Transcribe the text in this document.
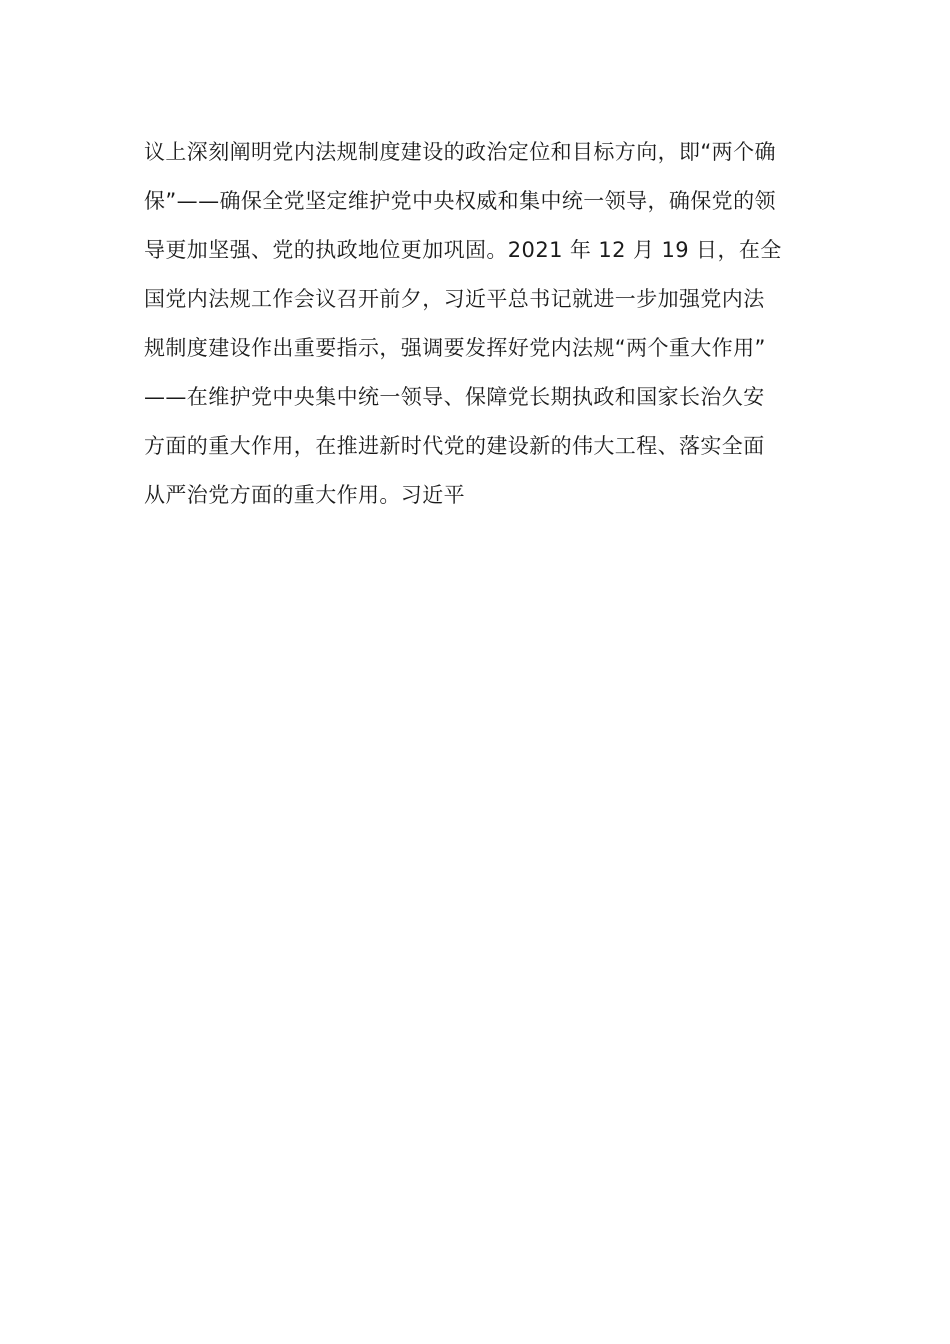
议上深刻阐明党内法规制度建设的政治定位和目标方向，即“两个确
保”——确保全党坚定维护党中央权威和集中统一领导，确保党的领
导更加坚强、党的执政地位更加巩固。2021 年 12 月 19 日，在全
国党内法规工作会议召开前夕，习近平总书记就进一步加强党内法
规制度建设作出重要指示，强调要发挥好党内法规“两个重大作用”
——在维护党中央集中统一领导、保障党长期执政和国家长治久安
方面的重大作用，在推进新时代党的建设新的伟大工程、落实全面
从严治党方面的重大作用。习近平
